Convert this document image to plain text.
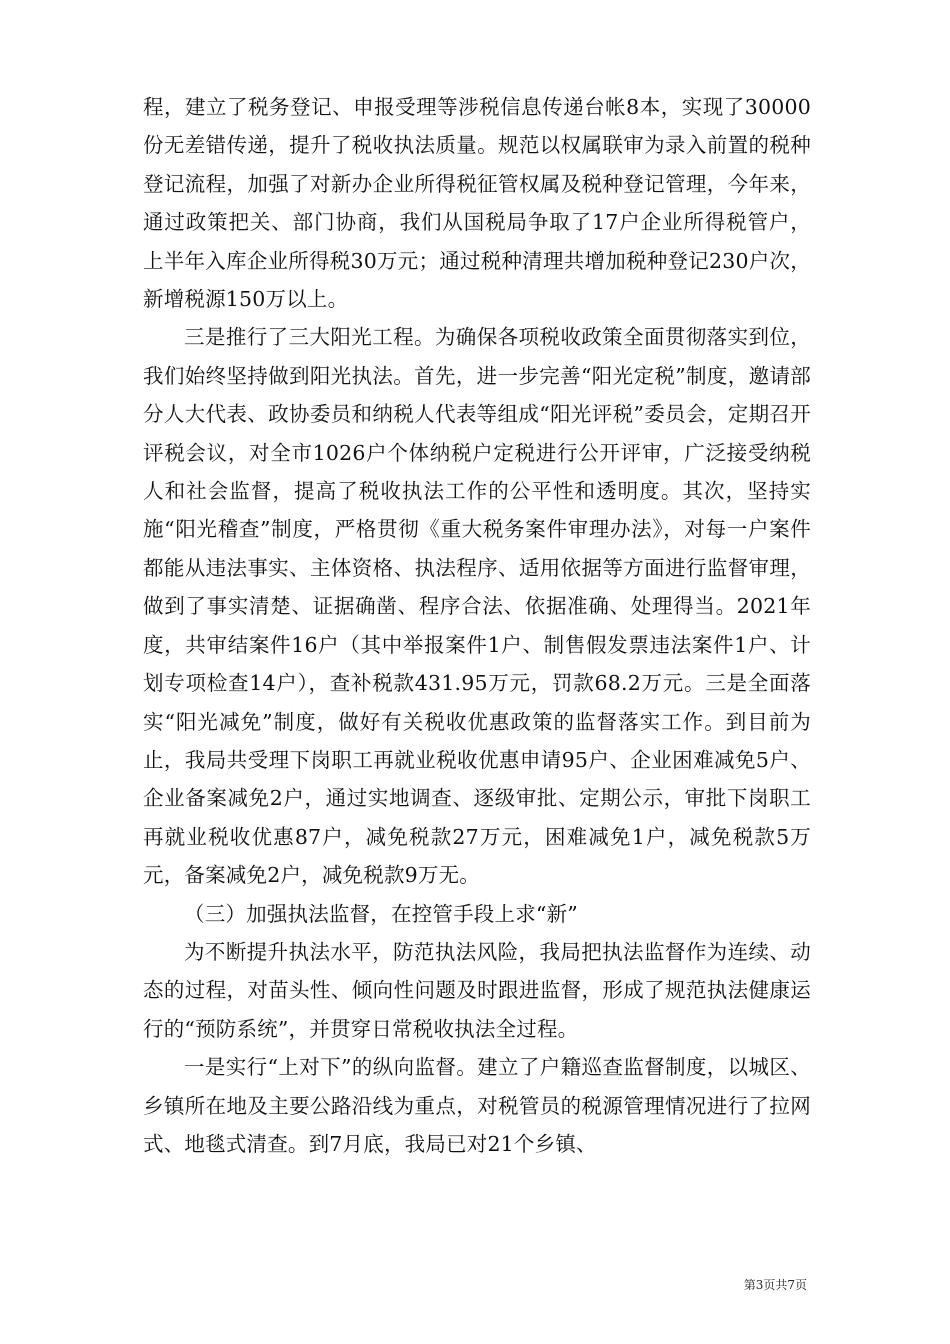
程，建立了税务登记、申报受理等涉税信息传递台帐8本，实现了30000份无差错传递，提升了税收执法质量。规范以权属联审为录入前置的税种登记流程，加强了对新办企业所得税征管权属及税种登记管理，今年来，通过政策把关、部门协商，我们从国税局争取了17户企业所得税管户，上半年入库企业所得税30万元；通过税种清理共增加税种登记230户次，新增税源150万以上。

三是推行了三大阳光工程。为确保各项税收政策全面贯彻落实到位，我们始终坚持做到阳光执法。首先，进一步完善“阳光定税”制度，邀请部分人大代表、政协委员和纳税人代表等组成“阳光评税”委员会，定期召开评税会议，对全市1026户个体纳税户定税进行公开评审，广泛接受纳税人和社会监督，提高了税收执法工作的公平性和透明度。其次，坚持实施“阳光稽查”制度，严格贯彻《重大税务案件审理办法》，对每一户案件都能从违法事实、主体资格、执法程序、适用依据等方面进行监督审理，做到了事实清楚、证据确凿、程序合法、依据准确、处理得当。2021年度，共审结案件16户（其中举报案件1户、制售假发票违法案件1户、计划专项检查14户），查补税款431.95万元，罚款68.2万元。三是全面落实“阳光减免”制度，做好有关税收优惠政策的监督落实工作。到目前为止，我局共受理下岗职工再就业税收优惠申请95户、企业困难减免5户、企业备案减免2户，通过实地调查、逐级审批、定期公示，审批下岗职工再就业税收优惠87户，减免税款27万元，困难减免1户，减免税款5万元，备案减免2户，减免税款9万无。

（三）加强执法监督，在控管手段上求“新”

为不断提升执法水平，防范执法风险，我局把执法监督作为连续、动态的过程，对苗头性、倾向性问题及时跟进监督，形成了规范执法健康运行的“预防系统”，并贯穿日常税收执法全过程。

一是实行“上对下”的纵向监督。建立了户籍巡查监督制度，以城区、乡镇所在地及主要公路沿线为重点，对税管员的税源管理情况进行了拉网式、地毯式清查。到7月底，我局已对21个乡镇、

第3页共7页
